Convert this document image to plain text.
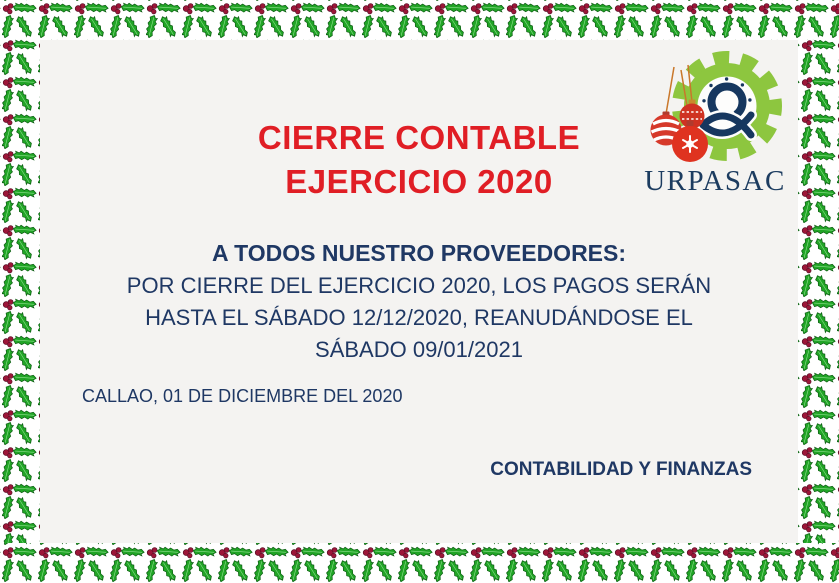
URPASAC
CIERRE CONTABLE
EJERCICIO 2020
A TODOS NUESTRO PROVEEDORES:
POR CIERRE DEL EJERCICIO 2020, LOS PAGOS SERÁN
HASTA EL SÁBADO 12/12/2020, REANUDÁNDOSE EL
SÁBADO 09/01/2021
CALLAO, 01 DE DICIEMBRE DEL 2020
CONTABILIDAD Y FINANZAS
